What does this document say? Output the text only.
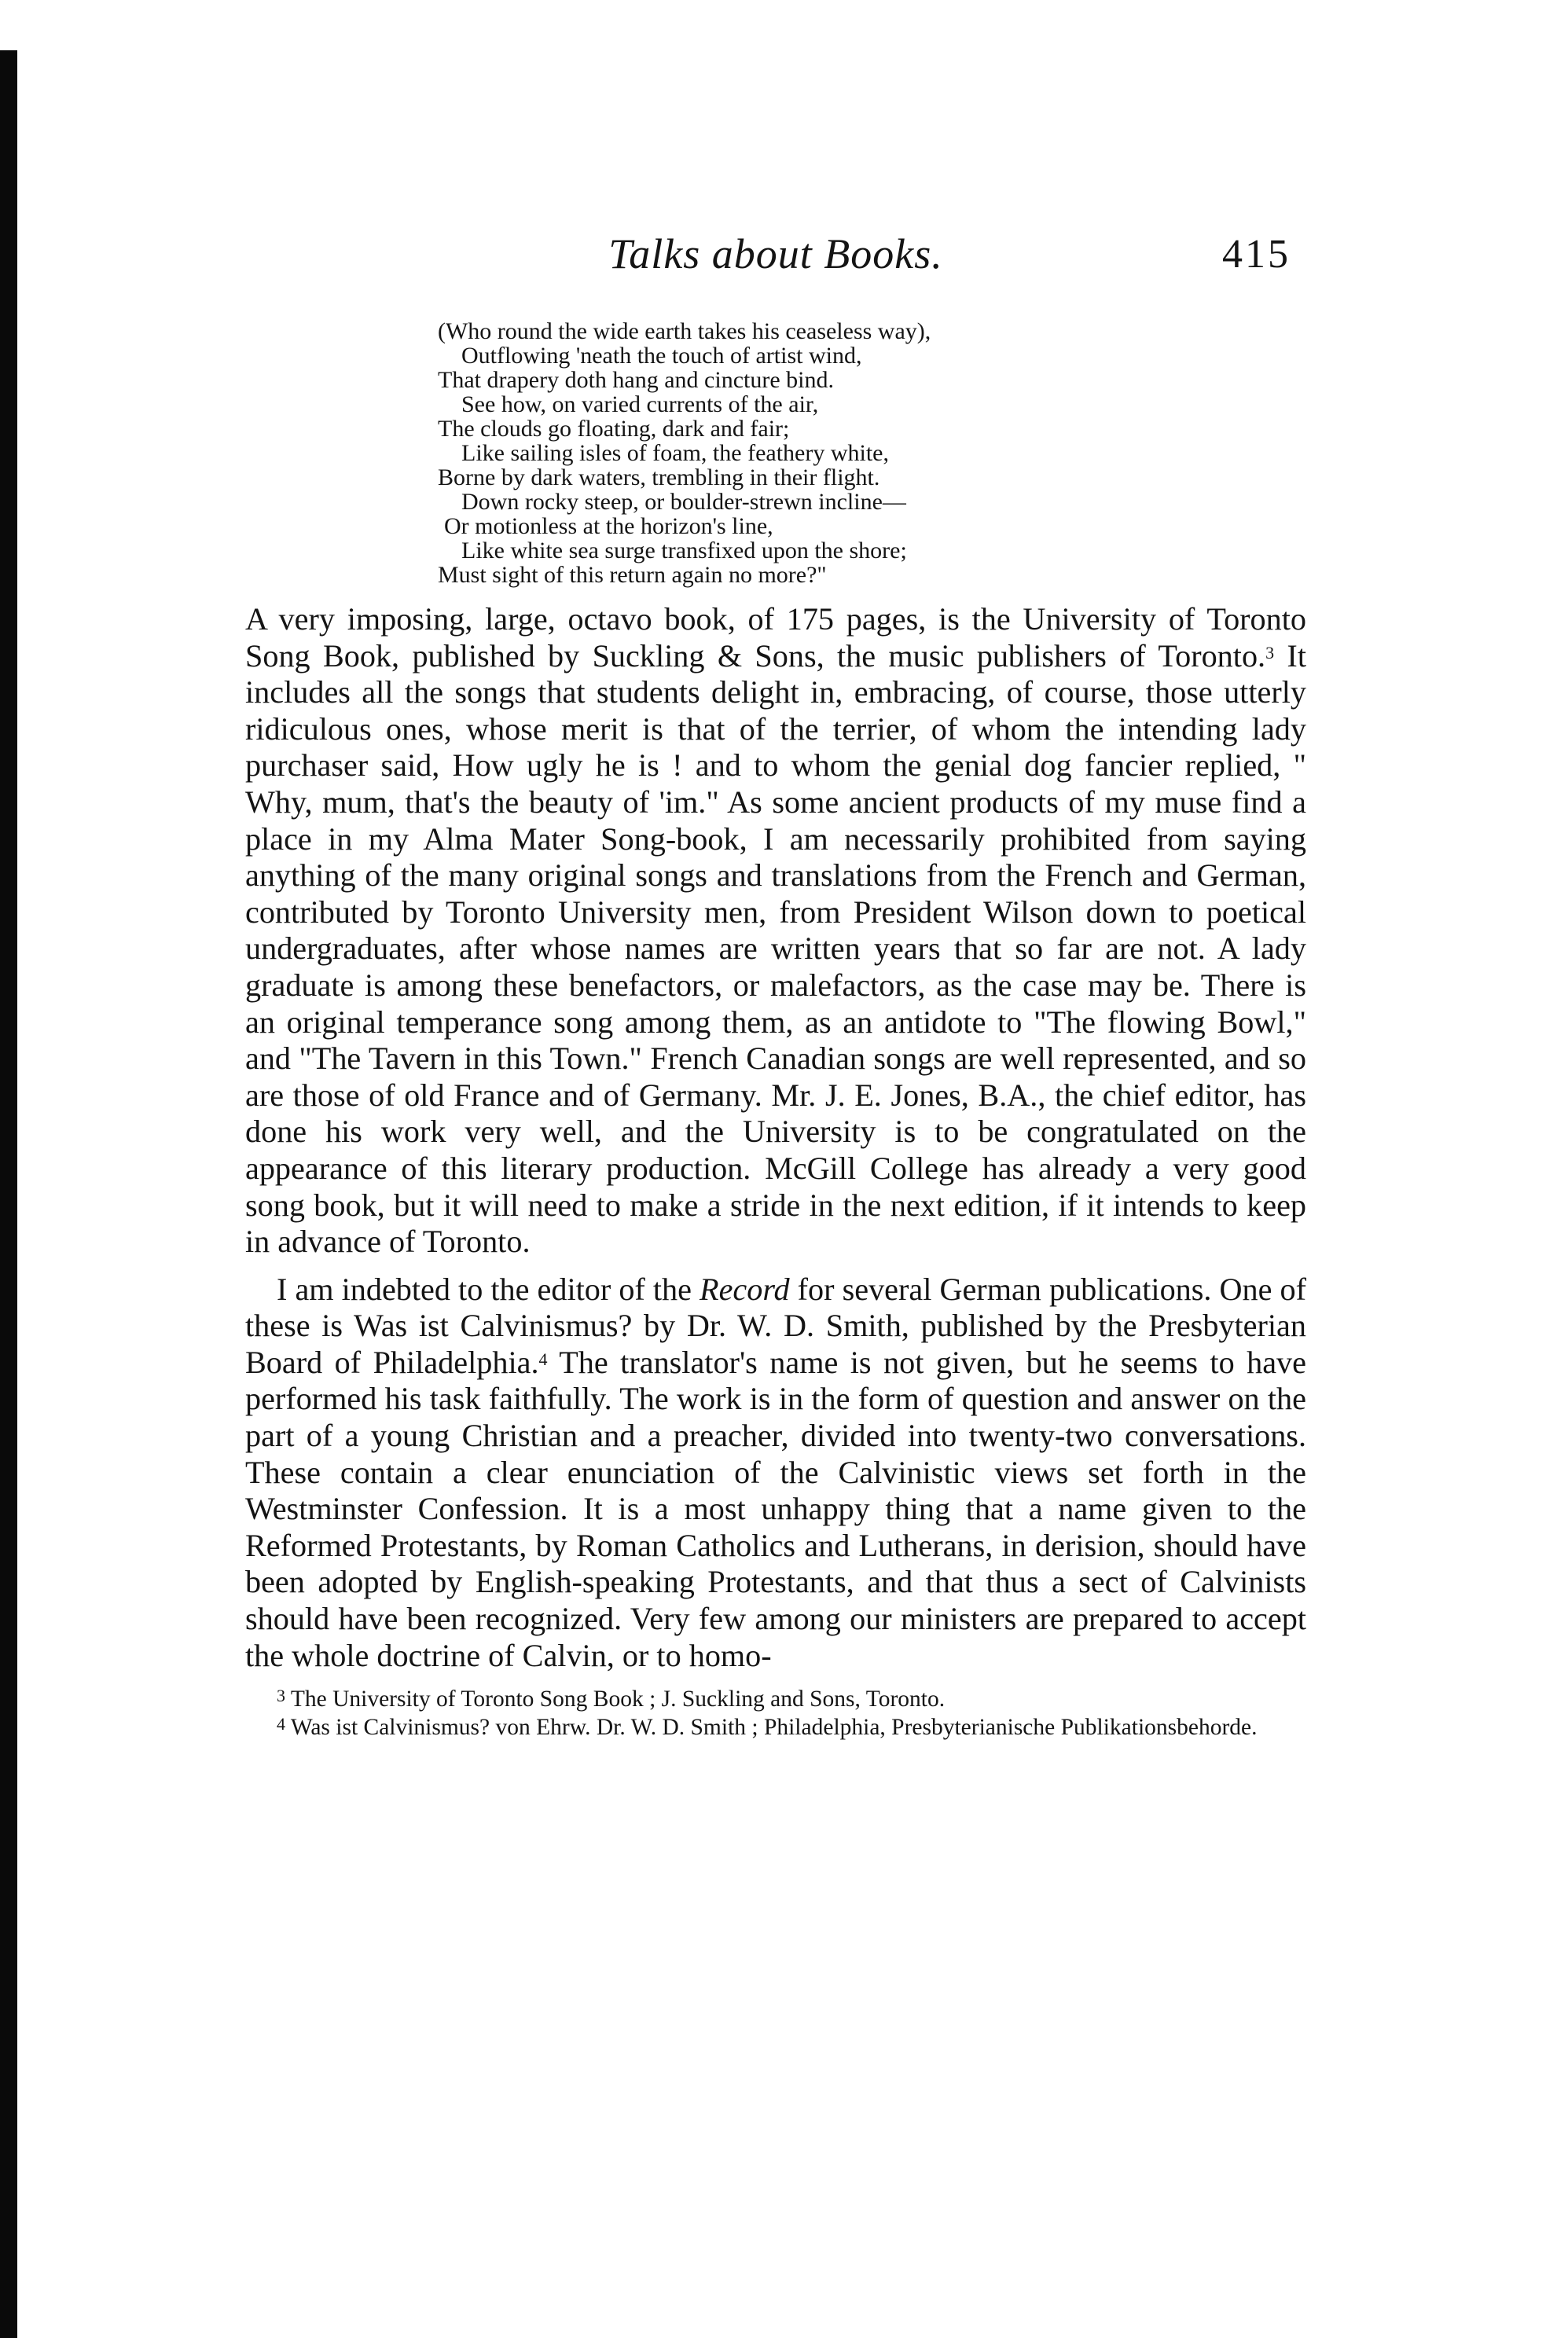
Talks about Books.	415
(Who round the wide earth takes his ceaseless way),
Outflowing 'neath the touch of artist wind,
That drapery doth hang and cincture bind.
See how, on varied currents of the air,
The clouds go floating, dark and fair;
Like sailing isles of foam, the feathery white,
Borne by dark waters, trembling in their flight.
Down rocky steep, or boulder-strewn incline—
Or motionless at the horizon's line,
Like white sea surge transfixed upon the shore;
Must sight of this return again no more?"

A very imposing, large, octavo book, of 175 pages, is the University of Toronto Song Book, published by Suckling & Sons, the music publishers of Toronto.$^3$ It includes all the songs that students delight in, embracing, of course, those utterly ridiculous ones, whose merit is that of the terrier, of whom the intending lady purchaser said, How ugly he is ! and to whom the genial dog fancier replied, " Why, mum, that's the beauty of 'im." As some ancient products of my muse find a place in my Alma Mater Song-book, I am necessarily prohibited from saying anything of the many original songs and translations from the French and German, contributed by Toronto University men, from President Wilson down to poetical undergraduates, after whose names are written years that so far are not. A lady graduate is among these benefactors, or malefactors, as the case may be. There is an original temperance song among them, as an antidote to "The flowing Bowl," and "The Tavern in this Town." French Canadian songs are well represented, and so are those of old France and of Germany. Mr. J. E. Jones, B.A., the chief editor, has done his work very well, and the University is to be congratulated on the appearance of this literary production. McGill College has already a very good song book, but it will need to make a stride in the next edition, if it intends to keep in advance of Toronto.

I am indebted to the editor of the Record for several German publications. One of these is Was ist Calvinismus? by Dr. W. D. Smith, published by the Presbyterian Board of Philadelphia.$^4$ The translator's name is not given, but he seems to have performed his task faithfully. The work is in the form of question and answer on the part of a young Christian and a preacher, divided into twenty-two conversations. These contain a clear enunciation of the Calvinistic views set forth in the Westminster Confession. It is a most unhappy thing that a name given to the Reformed Protestants, by Roman Catholics and Lutherans, in derision, should have been adopted by English-speaking Protestants, and that thus a sect of Calvinists should have been recognized. Very few among our ministers are prepared to accept the whole doctrine of Calvin, or to homo-

$^3$ The University of Toronto Song Book ; J. Suckling and Sons, Toronto.

$^4$ Was ist Calvinismus? von Ehrw. Dr. W. D. Smith ; Philadelphia, Presbyterianische Publikationsbehorde.
